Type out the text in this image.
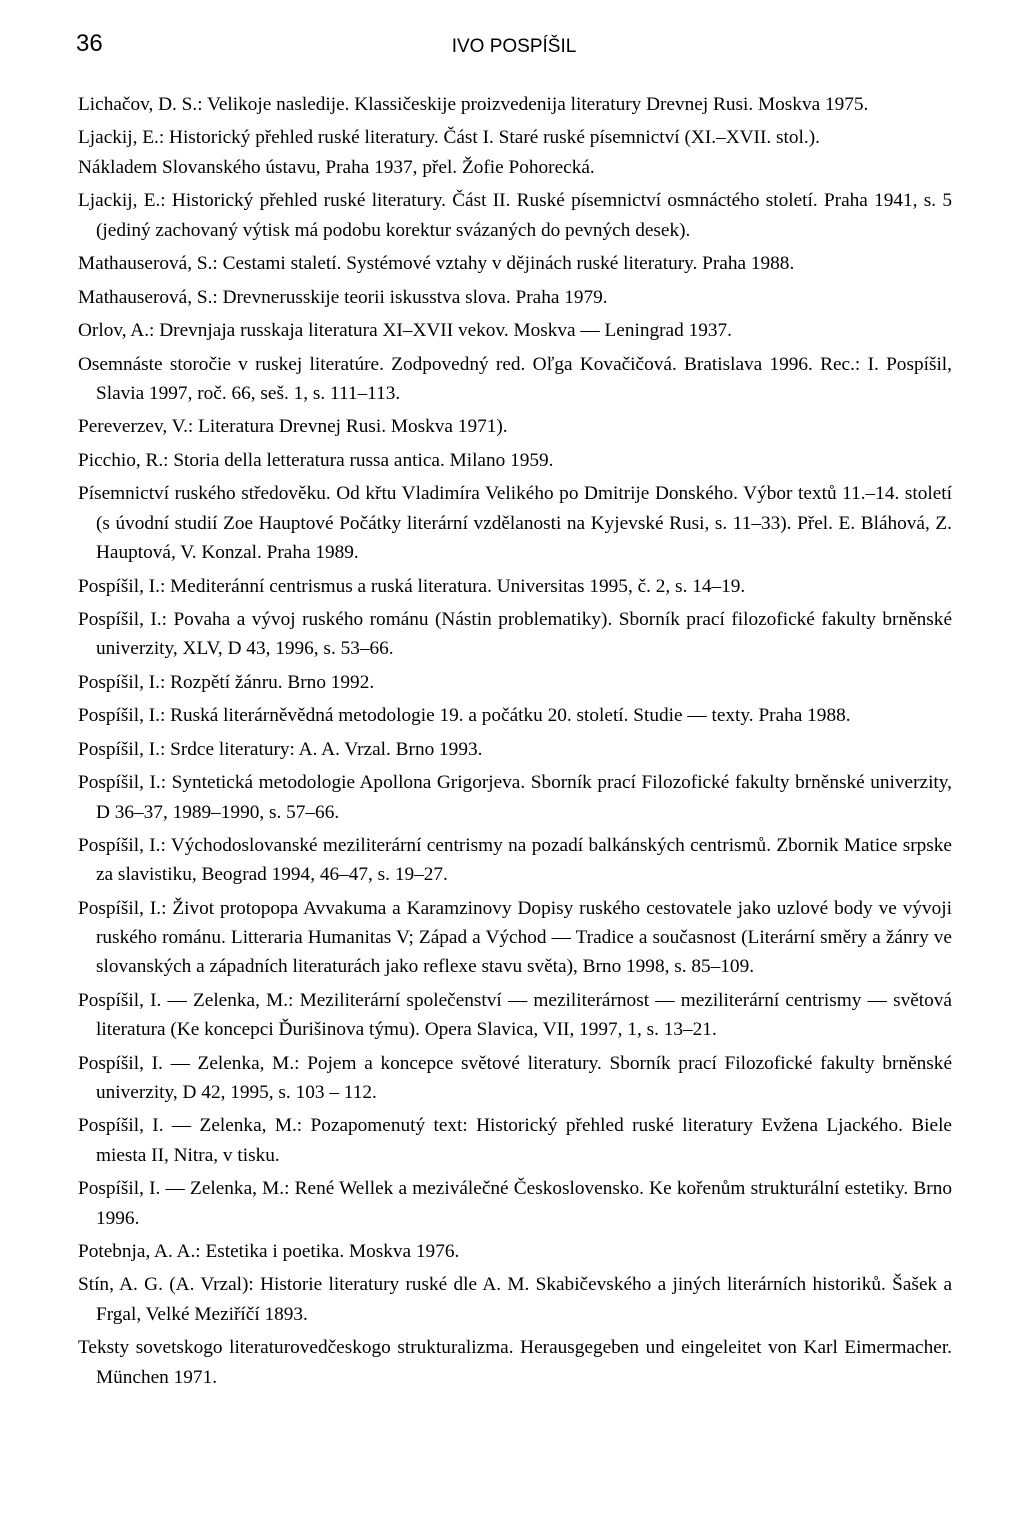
36	IVO POSPÍŠIL

Lichačov, D. S.: Velikoje nasledije. Klassičeskije proizvedenija literatury Drevnej Rusi. Moskva 1975.

Ljackij, E.: Historický přehled ruské literatury. Část I. Staré ruské písemnictví (XI.–XVII. stol.).

Nákladem Slovanského ústavu, Praha 1937, přel. Žofie Pohorecká.

Ljackij, E.: Historický přehled ruské literatury. Část II. Ruské písemnictví osmnáctého století. Praha 1941, s. 5 (jediný zachovaný výtisk má podobu korektur svázaných do pevných desek).

Mathauserová, S.: Cestami staletí. Systémové vztahy v dějinách ruské literatury. Praha 1988.

Mathauserová, S.: Drevnerusskije teorii iskusstva slova. Praha 1979.

Orlov, A.: Drevnjaja russkaja literatura XI–XVII vekov. Moskva — Leningrad 1937.

Osemnáste storočie v ruskej literatúre. Zodpovedný red. Oľga Kovačičová. Bratislava 1996. Rec.: I. Pospíšil, Slavia 1997, roč. 66, seš. 1, s. 111–113.

Pereverzev, V.: Literatura Drevnej Rusi. Moskva 1971).

Picchio, R.: Storia della letteratura russa antica. Milano 1959.

Písemnictví ruského středověku. Od křtu Vladimíra Velikého po Dmitrije Donského. Výbor textů 11.–14. století (s úvodní studií Zoe Hauptové Počátky literární vzdělanosti na Kyjevské Rusi, s. 11–33). Přel. E. Bláhová, Z. Hauptová, V. Konzal. Praha 1989.

Pospíšil, I.: Mediteránní centrismus a ruská literatura. Universitas 1995, č. 2, s. 14–19.

Pospíšil, I.: Povaha a vývoj ruského románu (Nástin problematiky). Sborník prací filozofické fakulty brněnské univerzity, XLV, D 43, 1996, s. 53–66.

Pospíšil, I.: Rozpětí žánru. Brno 1992.

Pospíšil, I.: Ruská literárněvědná metodologie 19. a počátku 20. století. Studie — texty. Praha 1988.

Pospíšil, I.: Srdce literatury: A. A. Vrzal. Brno 1993.

Pospíšil, I.: Syntetická metodologie Apollona Grigorjeva. Sborník prací Filozofické fakulty brněnské univerzity, D 36–37, 1989–1990, s. 57–66.

Pospíšil, I.: Východoslovanské meziliterární centrismy na pozadí balkánských centrismů. Zbornik Matice srpske za slavistiku, Beograd 1994, 46–47, s. 19–27.

Pospíšil, I.: Život protopopa Avvakuma a Karamzinovy Dopisy ruského cestovatele jako uzlové body ve vývoji ruského románu. Litteraria Humanitas V; Západ a Východ — Tradice a současnost (Literární směry a žánry ve slovanských a západních literaturách jako reflexe stavu světa), Brno 1998, s. 85–109.

Pospíšil, I. — Zelenka, M.: Meziliterární společenství — meziliterárnost — meziliterární centrismy — světová literatura (Ke koncepci Ďurišinova týmu). Opera Slavica, VII, 1997, 1, s. 13–21.

Pospíšil, I. — Zelenka, M.: Pojem a koncepce světové literatury. Sborník prací Filozofické fakulty brněnské univerzity, D 42, 1995, s. 103 – 112.

Pospíšil, I. — Zelenka, M.: Pozapomenutý text: Historický přehled ruské literatury Evžena Ljackého. Biele miesta II, Nitra, v tisku.

Pospíšil, I. — Zelenka, M.: René Wellek a meziválečné Československo. Ke kořenům strukturální estetiky. Brno 1996.

Potebnja, A. A.: Estetika i poetika. Moskva 1976.

Stín, A. G. (A. Vrzal): Historie literatury ruské dle A. M. Skabičevského a jiných literárních historiků. Šašek a Frgal, Velké Meziříčí 1893.

Teksty sovetskogo literaturovedčeskogo strukturalizma. Herausgegeben und eingeleitet von Karl Eimermacher. München 1971.
